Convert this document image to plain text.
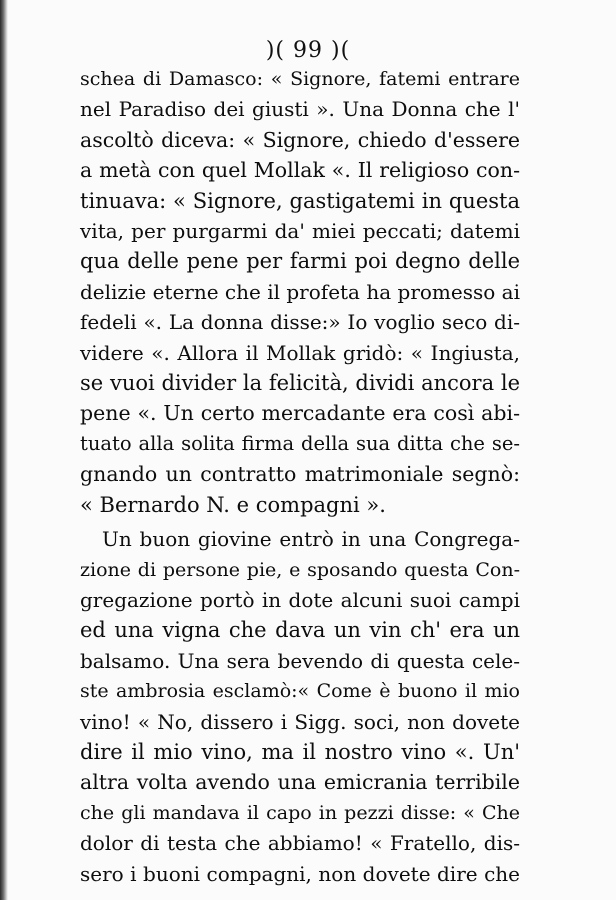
)( 99 )(
schea di Damasco: « Signore, fatemi entrare
nel Paradiso dei giusti ». Una Donna che l'
ascoltò diceva: « Signore, chiedo d'essere
a metà con quel Mollak «. Il religioso con-
tinuava: « Signore, gastigatemi in questa
vita, per purgarmi da' miei peccati; datemi
qua delle pene per farmi poi degno delle
delizie eterne che il profeta ha promesso ai
fedeli «. La donna disse:» Io voglio seco di-
videre «. Allora il Mollak gridò: « Ingiusta,
se vuoi divider la felicità, dividi ancora le
pene «. Un certo mercadante era così abi-
tuato alla solita firma della sua ditta che se-
gnando un contratto matrimoniale segnò:
« Bernardo N. e compagni ».
Un buon giovine entrò in una Congrega-
zione di persone pie, e sposando questa Con-
gregazione portò in dote alcuni suoi campi
ed una vigna che dava un vin ch' era un
balsamo. Una sera bevendo di questa cele-
ste ambrosia esclamò:« Come è buono il mio
vino! « No, dissero i Sigg. soci, non dovete
dire il mio vino, ma il nostro vino «. Un'
altra volta avendo una emicrania terribile
che gli mandava il capo in pezzi disse: « Che
dolor di testa che abbiamo! « Fratello, dis-
sero i buoni compagni, non dovete dire che
